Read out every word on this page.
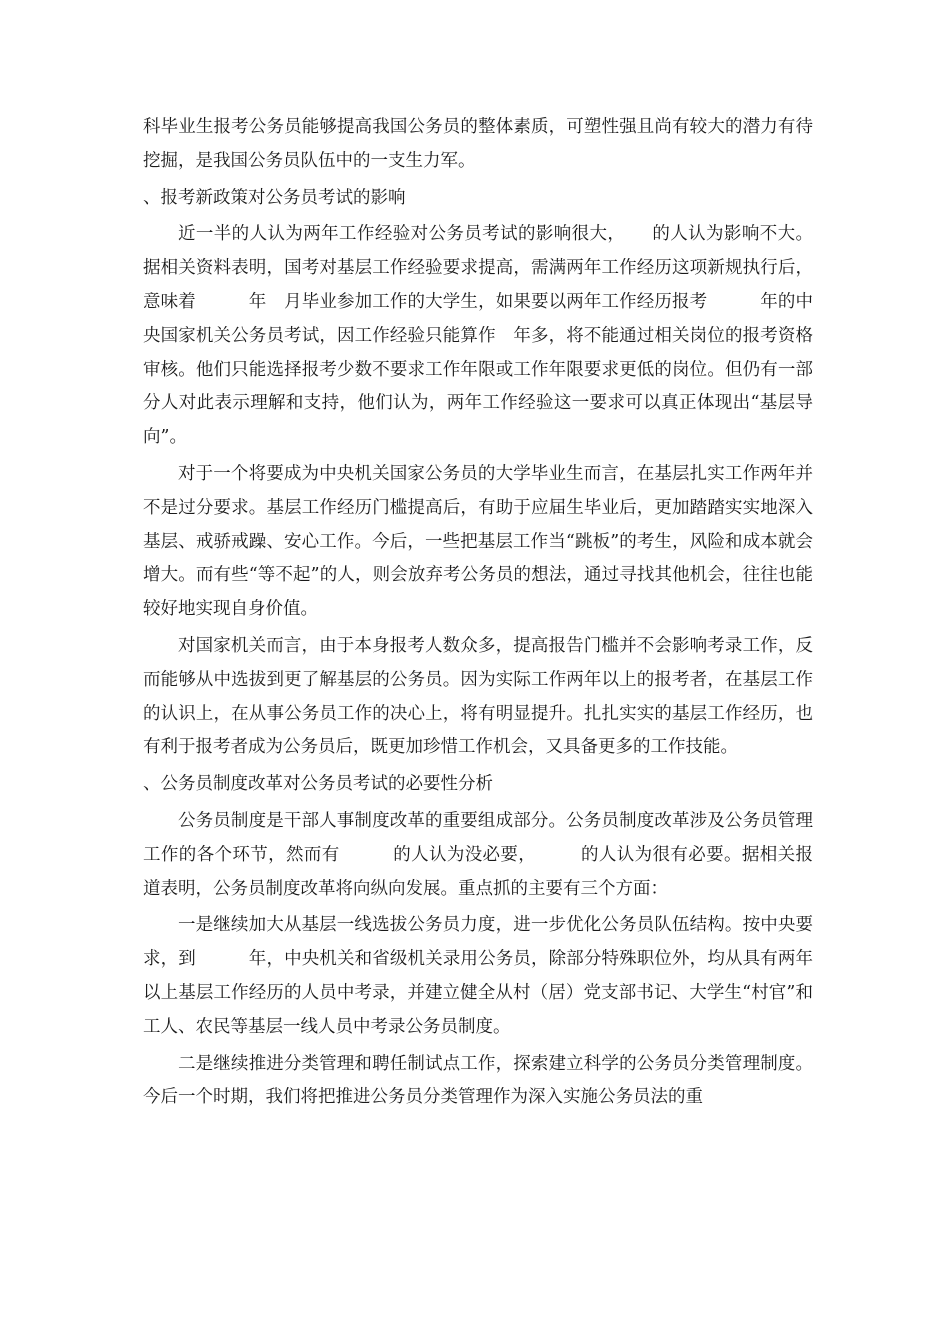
科毕业生报考公务员能够提高我国公务员的整体素质，可塑性强且尚有较大的潜力有待挖掘，是我国公务员队伍中的一支生力军。

、报考新政策对公务员考试的影响

近一半的人认为两年工作经验对公务员考试的影响很大，　　的人认为影响不大。据相关资料表明，国考对基层工作经验要求提高，需满两年工作经历这项新规执行后，意味着　　　年　月毕业参加工作的大学生，如果要以两年工作经历报考　　　年的中央国家机关公务员考试，因工作经验只能算作　年多，将不能通过相关岗位的报考资格审核。他们只能选择报考少数不要求工作年限或工作年限要求更低的岗位。但仍有一部分人对此表示理解和支持，他们认为，两年工作经验这一要求可以真正体现出“基层导向”。

对于一个将要成为中央机关国家公务员的大学毕业生而言，在基层扎实工作两年并不是过分要求。基层工作经历门槛提高后，有助于应届生毕业后，更加踏踏实实地深入基层、戒骄戒躁、安心工作。今后，一些把基层工作当“跳板”的考生，风险和成本就会增大。而有些“等不起”的人，则会放弃考公务员的想法，通过寻找其他机会，往往也能较好地实现自身价值。

对国家机关而言，由于本身报考人数众多，提高报告门槛并不会影响考录工作，反而能够从中选拔到更了解基层的公务员。因为实际工作两年以上的报考者，在基层工作的认识上，在从事公务员工作的决心上，将有明显提升。扎扎实实的基层工作经历，也有利于报考者成为公务员后，既更加珍惜工作机会，又具备更多的工作技能。

、公务员制度改革对公务员考试的必要性分析

公务员制度是干部人事制度改革的重要组成部分。公务员制度改革涉及公务员管理工作的各个环节，然而有　　　的人认为没必要，　　　的人认为很有必要。据相关报道表明，公务员制度改革将向纵向发展。重点抓的主要有三个方面：

一是继续加大从基层一线选拔公务员力度，进一步优化公务员队伍结构。按中央要求，到　　　年，中央机关和省级机关录用公务员，除部分特殊职位外，均从具有两年以上基层工作经历的人员中考录，并建立健全从村（居）党支部书记、大学生“村官”和工人、农民等基层一线人员中考录公务员制度。

二是继续推进分类管理和聘任制试点工作，探索建立科学的公务员分类管理制度。今后一个时期，我们将把推进公务员分类管理作为深入实施公务员法的重
